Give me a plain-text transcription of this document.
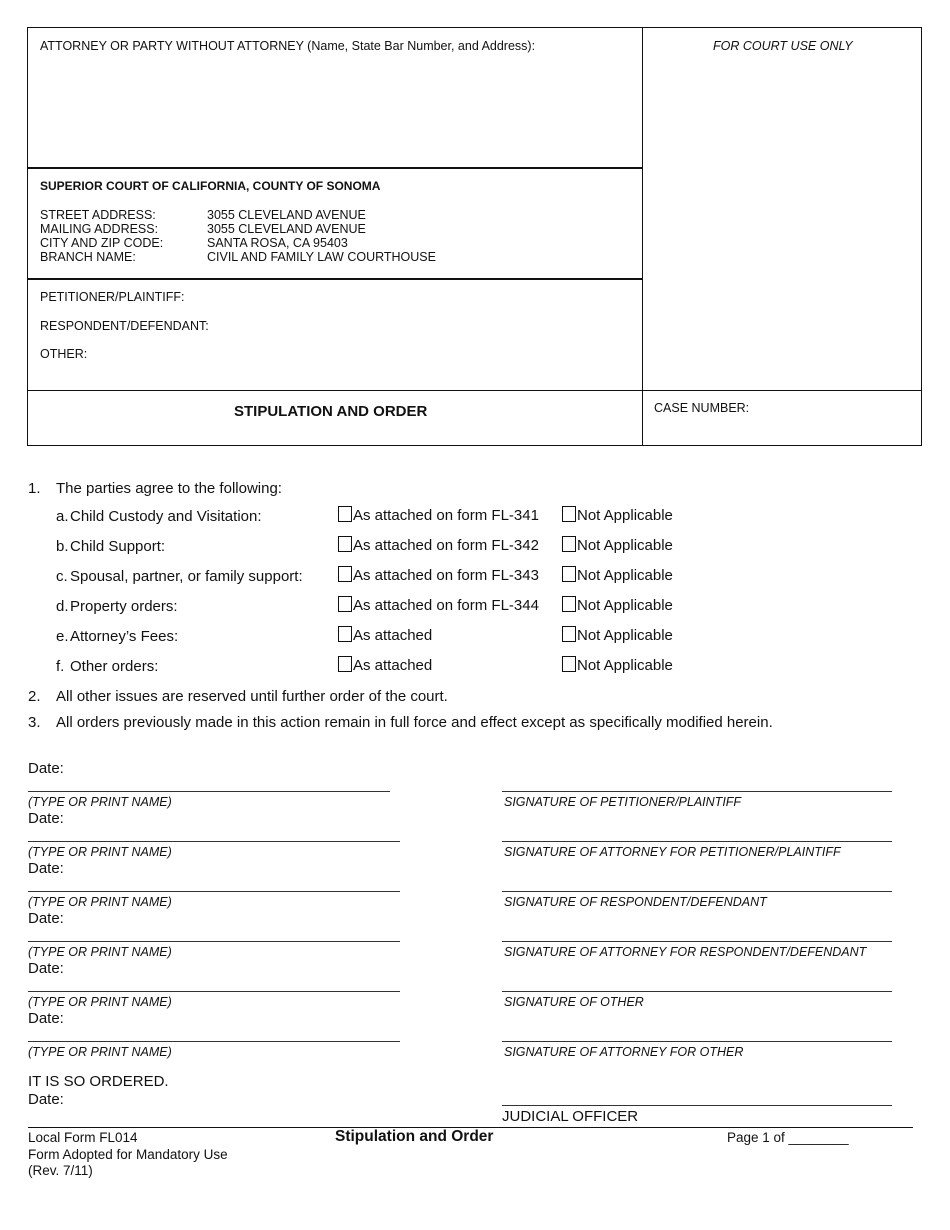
ATTORNEY OR PARTY WITHOUT ATTORNEY (Name, State Bar Number, and Address):	FOR COURT USE ONLY
SUPERIOR COURT OF CALIFORNIA, COUNTY OF SONOMA
STREET ADDRESS:	3055 CLEVELAND AVENUE
MAILING ADDRESS:	3055 CLEVELAND AVENUE
CITY AND ZIP CODE:	SANTA ROSA, CA 95403
BRANCH NAME:	CIVIL AND FAMILY LAW COURTHOUSE
PETITIONER/PLAINTIFF:
RESPONDENT/DEFENDANT:
OTHER:
STIPULATION AND ORDER	CASE NUMBER:
1. The parties agree to the following:
a. Child Custody and Visitation:	As attached on form FL-341	Not Applicable
b. Child Support:	As attached on form FL-342	Not Applicable
c. Spousal, partner, or family support:	As attached on form FL-343	Not Applicable
d. Property orders:	As attached on form FL-344	Not Applicable
e. Attorney’s Fees:	As attached	Not Applicable
f. Other orders:	As attached	Not Applicable
2. All other issues are reserved until further order of the court.
3. All orders previously made in this action remain in full force and effect except as specifically modified herein.
Date:
(TYPE OR PRINT NAME)	SIGNATURE OF PETITIONER/PLAINTIFF
Date:
(TYPE OR PRINT NAME)	SIGNATURE OF ATTORNEY FOR PETITIONER/PLAINTIFF
Date:
(TYPE OR PRINT NAME)	SIGNATURE OF RESPONDENT/DEFENDANT
Date:
(TYPE OR PRINT NAME)	SIGNATURE OF ATTORNEY FOR RESPONDENT/DEFENDANT
Date:
(TYPE OR PRINT NAME)	SIGNATURE OF OTHER
Date:
(TYPE OR PRINT NAME)	SIGNATURE OF ATTORNEY FOR OTHER
IT IS SO ORDERED.
Date:
JUDICIAL OFFICER
Local Form FL014
Form Adopted for Mandatory Use
(Rev. 7/11)
Stipulation and Order	Page 1 of ________
